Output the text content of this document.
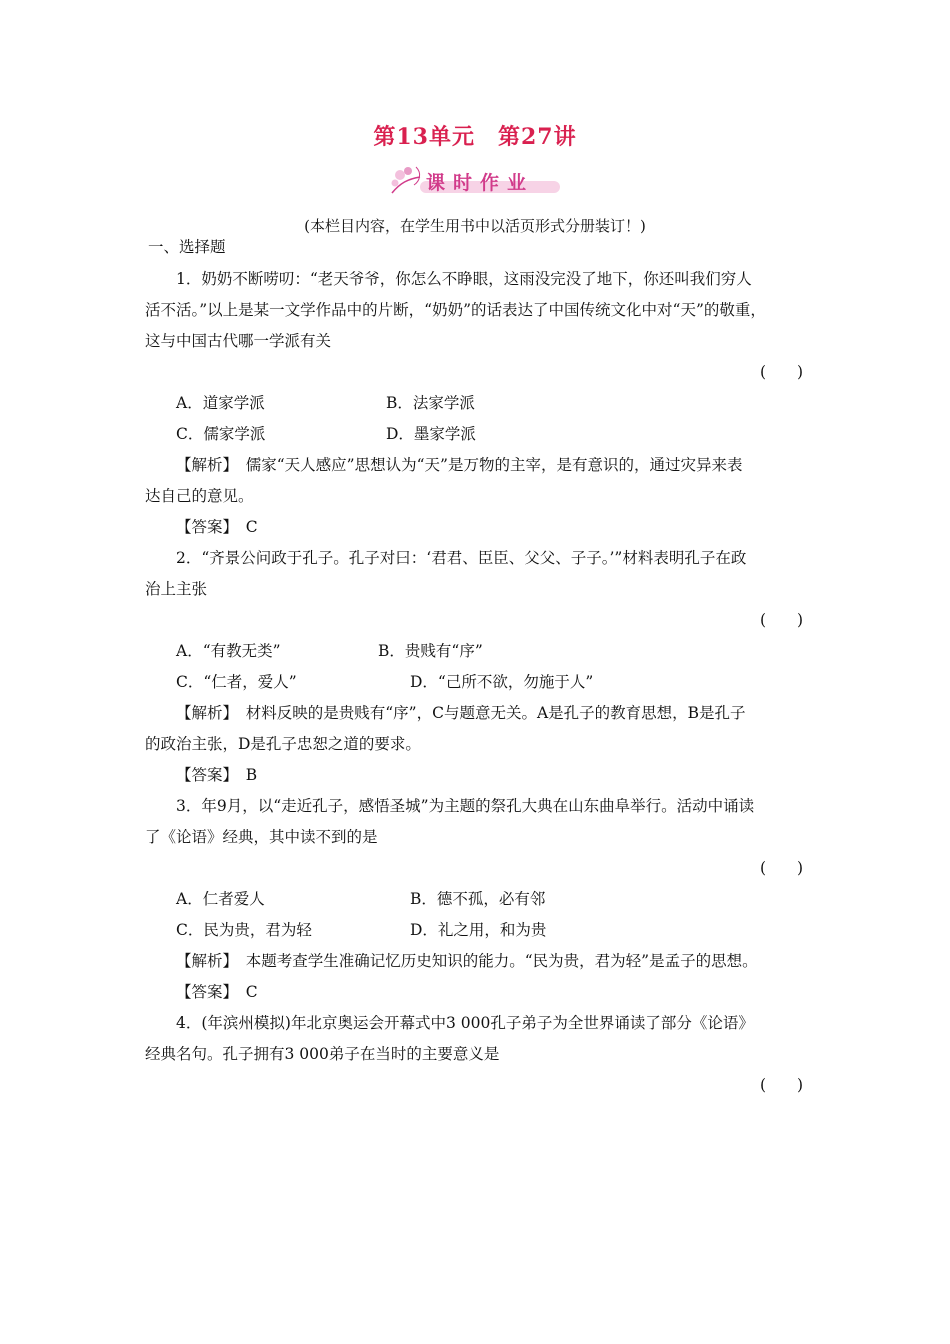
第13单元　第27讲
课时作业
(本栏目内容，在学生用书中以活页形式分册装订！)
一、选择题
1．奶奶不断唠叨：“老天爷爷，你怎么不睁眼，这雨没完没了地下，你还叫我们穷人
活不活。”以上是某一文学作品中的片断，“奶奶”的话表达了中国传统文化中对“天”的敬重，
这与中国古代哪一学派有关
(　　)
A．道家学派	B．法家学派
C．儒家学派	D．墨家学派
【解析】　儒家“天人感应”思想认为“天”是万物的主宰，是有意识的，通过灾异来表
达自己的意见。
【答案】　C
2．“齐景公问政于孔子。孔子对曰：‘君君、臣臣、父父、子子。’”材料表明孔子在政
治上主张
(　　)
A．“有教无类”	B．贵贱有“序”
C．“仁者，爱人”	D．“己所不欲，勿施于人”
【解析】　材料反映的是贵贱有“序”，C与题意无关。A是孔子的教育思想，B是孔子
的政治主张，D是孔子忠恕之道的要求。
【答案】　B
3．年9月，以“走近孔子，感悟圣城”为主题的祭孔大典在山东曲阜举行。活动中诵读
了《论语》经典，其中读不到的是
(　　)
A．仁者爱人	B．德不孤，必有邻
C．民为贵，君为轻	D．礼之用，和为贵
【解析】　本题考查学生准确记忆历史知识的能力。“民为贵，君为轻”是孟子的思想。
【答案】　C
4．(年滨州模拟)年北京奥运会开幕式中3 000孔子弟子为全世界诵读了部分《论语》
经典名句。孔子拥有3 000弟子在当时的主要意义是
(　　)
